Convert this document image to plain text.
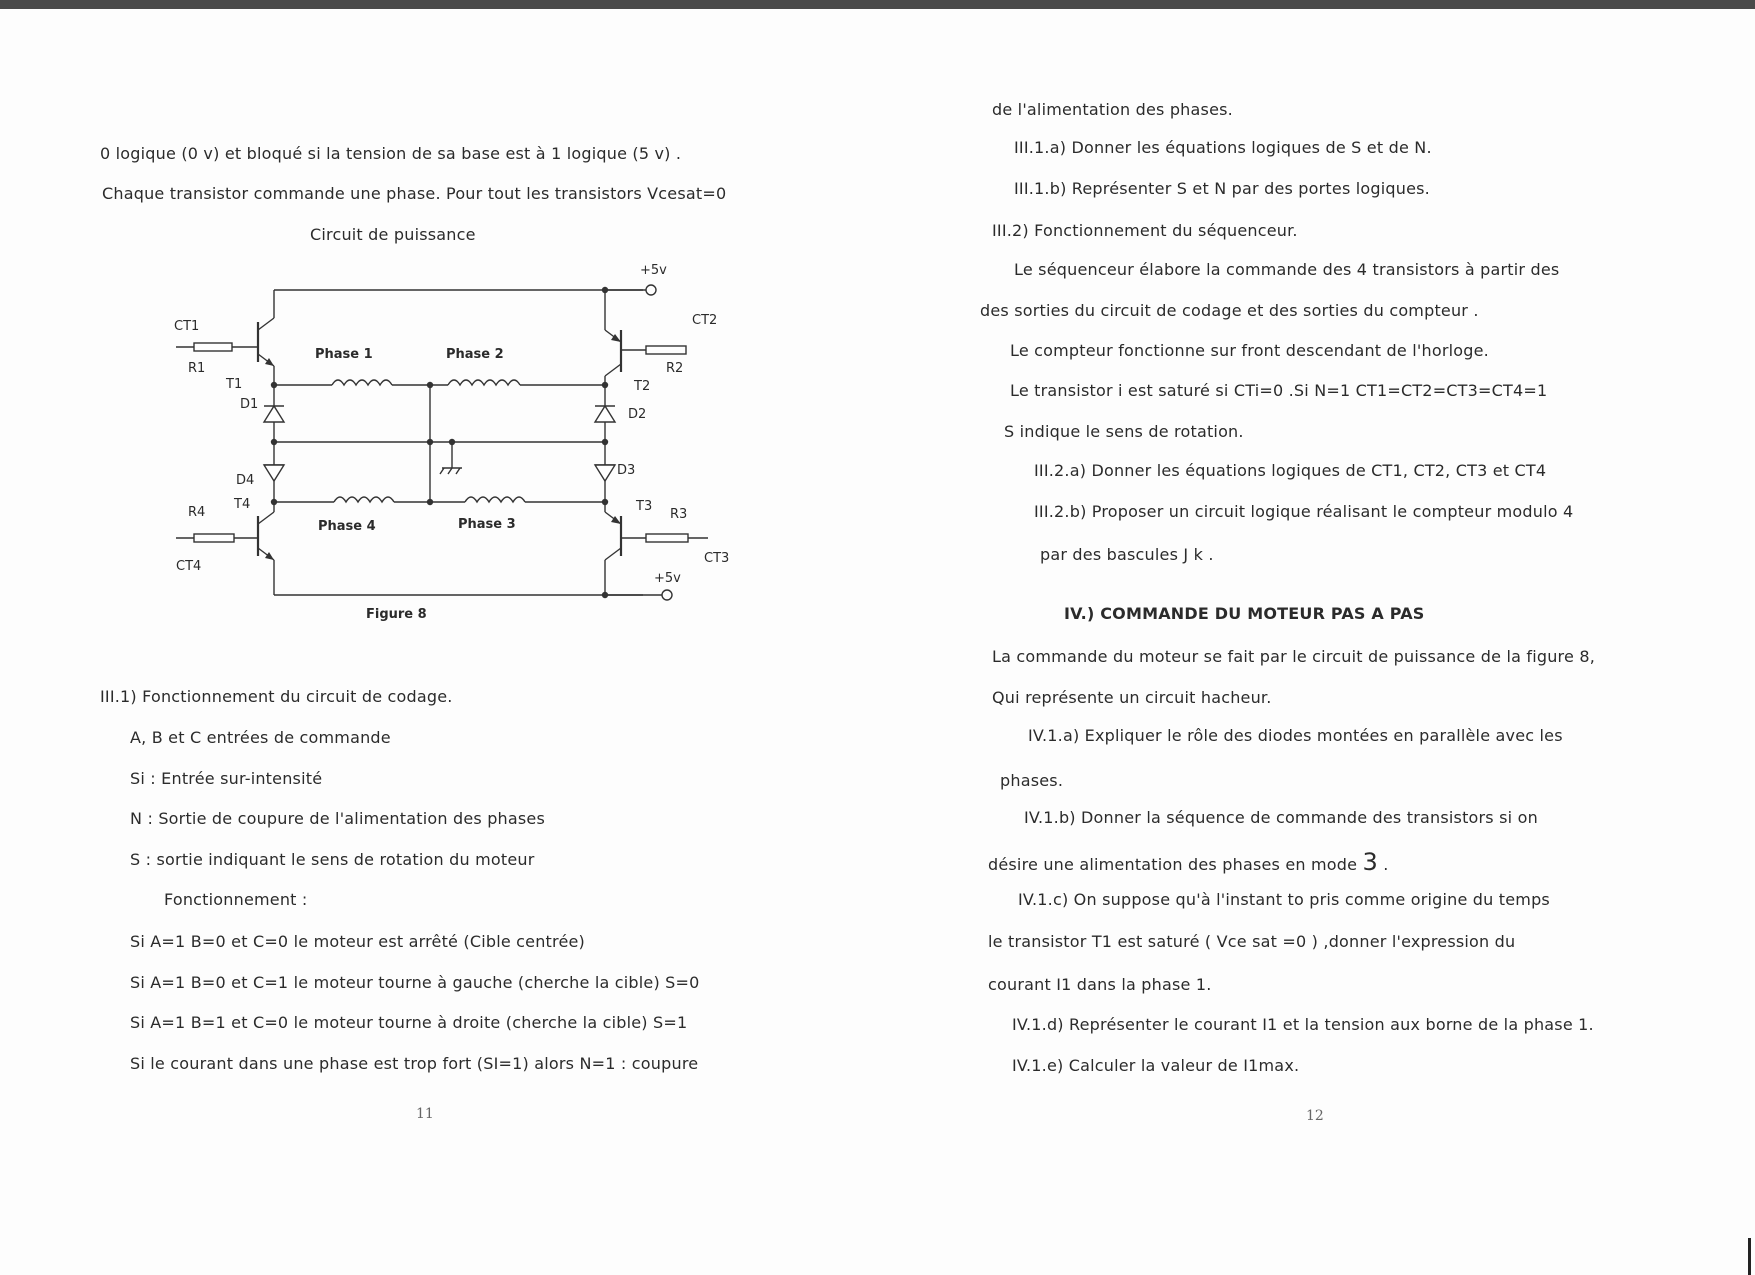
0 logique (0 v) et bloqué si la tension de sa base est à 1 logique (5 v) .
Chaque transistor commande une phase. Pour tout les transistors Vcesat=0
Circuit de puissance
+5v
+5v
CT1	CT2
CT3
CT4
R1	R2
R3
R4
T1	T2
T3
T4
D1
D2
D3
D4
Phase 1	Phase 2
Phase 3
Phase 4
Figure 8
III.1) Fonctionnement du circuit de codage.
A, B et C entrées de commande
Si : Entrée sur-intensité
N : Sortie de coupure de l'alimentation des phases
S : sortie indiquant le sens de rotation du moteur
Fonctionnement :
Si A=1 B=0 et C=0 le moteur est arrêté (Cible centrée)
Si A=1 B=0 et C=1 le moteur tourne à gauche (cherche la cible) S=0
Si A=1 B=1 et C=0 le moteur tourne à droite (cherche la cible) S=1
Si le courant dans une phase est trop fort (SI=1) alors N=1 : coupure
11
de l'alimentation des phases.
III.1.a) Donner les équations logiques de S et de N.
III.1.b) Représenter S et N par des portes logiques.
III.2) Fonctionnement du séquenceur.
Le séquenceur élabore la commande des 4 transistors à partir des
des sorties du circuit de codage et des sorties du compteur .
Le compteur fonctionne sur front descendant de l'horloge.
Le transistor i est saturé si CTi=0 .Si N=1 CT1=CT2=CT3=CT4=1
S indique le sens de rotation.
III.2.a) Donner les équations logiques de CT1, CT2, CT3 et CT4
III.2.b) Proposer un circuit logique réalisant le compteur modulo 4
par des bascules J k .
IV.) COMMANDE DU MOTEUR PAS A PAS
La commande du moteur se fait par le circuit de puissance de la figure 8,
Qui représente un circuit hacheur.
IV.1.a) Expliquer le rôle des diodes montées en parallèle avec les
phases.
IV.1.b) Donner la séquence de commande des transistors si on
désire une alimentation des phases en mode 3 .
IV.1.c) On suppose qu'à l'instant to pris comme origine du temps
le transistor T1 est saturé ( Vce sat =0 ) ,donner l'expression du
courant I1 dans la phase 1.
IV.1.d) Représenter le courant I1 et la tension aux borne de la phase 1.
IV.1.e) Calculer la valeur de I1max.
12
